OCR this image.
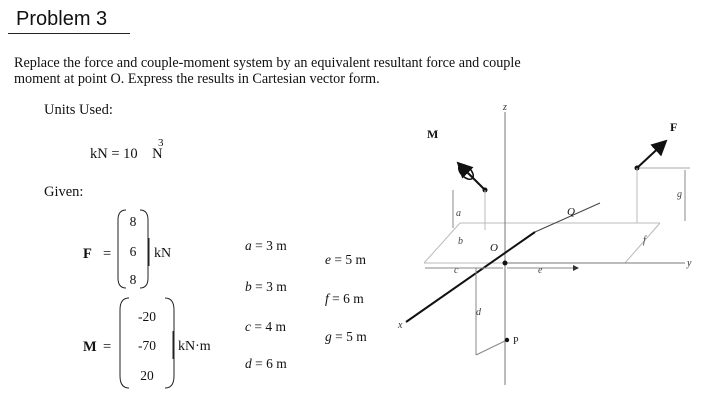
Problem 3
Replace the force and couple-moment system by an equivalent resultant force and couple
moment at point O. Express the results in Cartesian vector form.
Units Used:
kN = 10 N
3
Given:
F =
8
6
8
kN
M =
-20
-70
20
kN·m
a = 3 m
b = 3 m
c = 4 m
d = 6 m
e = 5 m
f = 6 m
g = 5 m
z
y
x
O
Q
M
a
b
c	e
d
P
F
g
f
